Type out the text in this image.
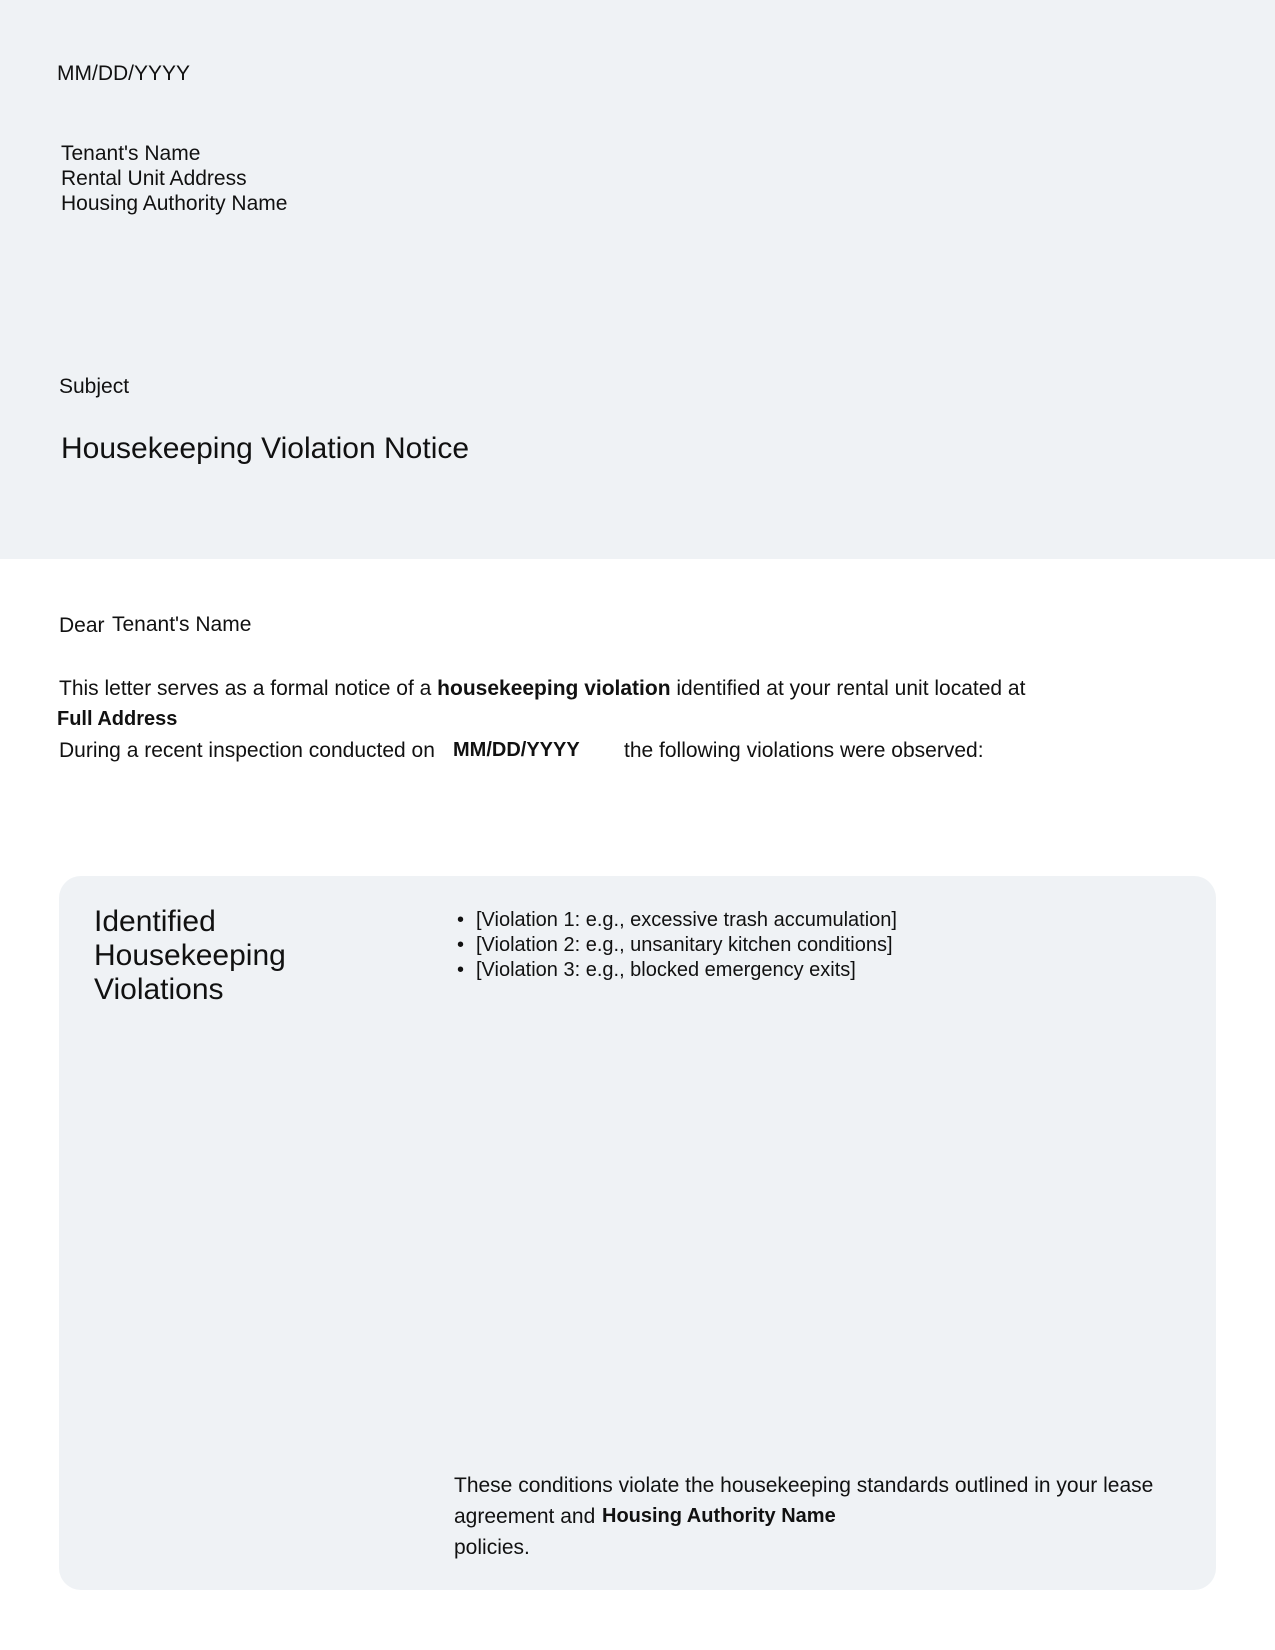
MM/DD/YYYY
Tenant's Name
Rental Unit Address
Housing Authority Name
Subject
Housekeeping Violation Notice
Dear Tenant's Name
This letter serves as a formal notice of a housekeeping violation identified at your rental unit located at
Full Address
During a recent inspection conducted on MM/DD/YYYY the following violations were observed:
Identified Housekeeping Violations
• [Violation 1: e.g., excessive trash accumulation]
• [Violation 2: e.g., unsanitary kitchen conditions]
• [Violation 3: e.g., blocked emergency exits]
These conditions violate the housekeeping standards outlined in your lease
agreement and Housing Authority Name
policies.
